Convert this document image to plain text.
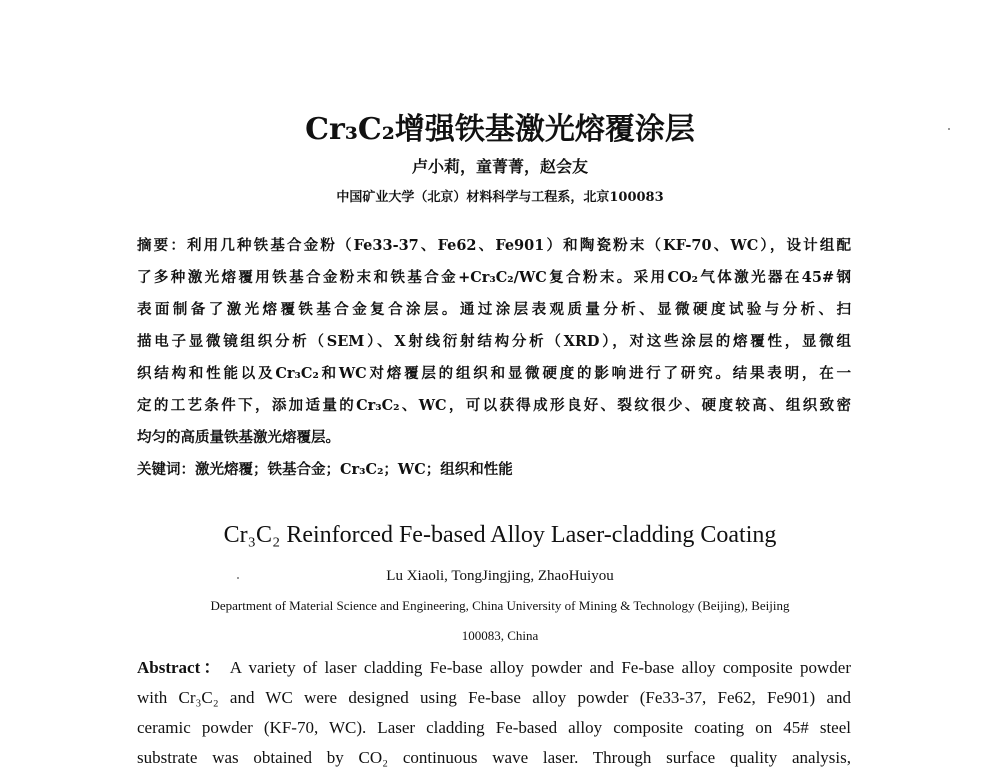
Cr₃C₂增强铁基激光熔覆涂层
卢小莉，童菁菁，赵会友
中国矿业大学（北京）材料科学与工程系，北京100083
摘要：利用几种铁基合金粉（Fe33-37、Fe62、Fe901）和陶瓷粉末（KF-70、WC），设计组配
了多种激光熔覆用铁基合金粉末和铁基合金+Cr₃C₂/WC复合粉末。采用CO₂气体激光器在45#钢
表面制备了激光熔覆铁基合金复合涂层。通过涂层表观质量分析、显微硬度试验与分析、扫
描电子显微镜组织分析（SEM）、X射线衍射结构分析（XRD），对这些涂层的熔覆性，显微组
织结构和性能以及Cr₃C₂和WC对熔覆层的组织和显微硬度的影响进行了研究。结果表明，在一
定的工艺条件下，添加适量的Cr₃C₂、WC，可以获得成形良好、裂纹很少、硬度较高、组织致密
均匀的高质量铁基激光熔覆层。
关键词：激光熔覆；铁基合金；Cr₃C₂；WC；组织和性能
Cr₃C₂ Reinforced Fe-based Alloy Laser-cladding Coating
Lu Xiaoli, TongJingjing, ZhaoHuiyou
Department of Material Science and Engineering, China University of Mining & Technology (Beijing), Beijing
100083, China
Abstract： A variety of laser cladding Fe-base alloy powder and Fe-base alloy composite powder
with Cr₃C₂ and WC were designed using Fe-base alloy powder (Fe33-37, Fe62, Fe901) and
ceramic powder (KF-70, WC). Laser cladding Fe-based alloy composite coating on 45# steel
substrate was obtained by CO₂ continuous wave laser. Through surface quality analysis,
